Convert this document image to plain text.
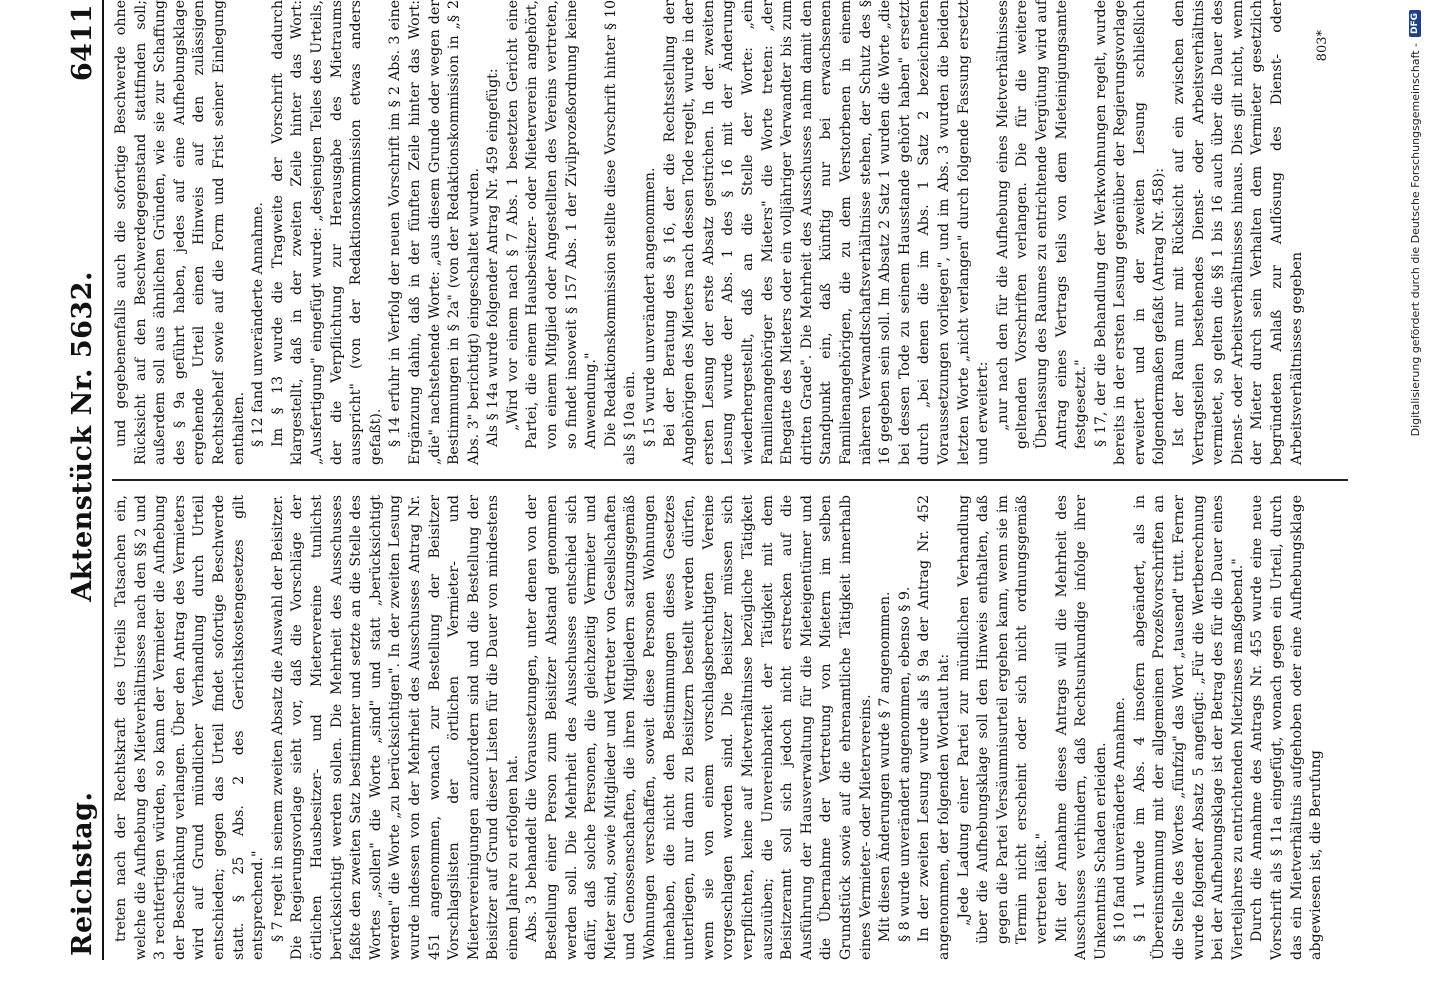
Reichstag.
Aktenstück Nr. 5632.
6411

treten nach der Rechtskraft des Urteils Tatsachen ein, welche die Aufhebung des Mietverhältnisses nach den §§ 2 und 3 rechtfertigen würden, so kann der Vermieter die Aufhebung der Beschränkung verlangen. Über den Antrag des Vermieters wird auf Grund mündlicher Verhandlung durch Urteil entschieden; gegen das Urteil findet sofortige Beschwerde statt. § 25 Abs. 2 des Gerichtskostengesetzes gilt entsprechend." § 7 regelt in seinem zweiten Absatz die Auswahl der Beisitzer. Die Regierungsvorlage sieht vor, daß die Vorschläge der örtlichen Hausbesitzer- und Mietervereine tunlichst berücksichtigt werden sollen. Die Mehrheit des Ausschusses faßte den zweiten Satz bestimmter und setzte an die Stelle des Wortes „sollen" die Worte „sind" und statt „berücksichtigt werden" die Worte „zu berücksichtigen". In der zweiten Lesung wurde indessen von der Mehrheit des Ausschusses Antrag Nr. 451 angenommen, wonach zur Bestellung der Beisitzer Vorschlagslisten der örtlichen Vermieter- und Mietervereinigungen anzufordern sind und die Bestellung der Beisitzer auf Grund dieser Listen für die Dauer von mindestens einem Jahre zu erfolgen hat. Abs. 3 behandelt die Voraussetzungen, unter denen von der Bestellung einer Person zum Beisitzer Abstand genommen werden soll. Die Mehrheit des Ausschusses entschied sich dafür, daß solche Personen, die gleichzeitig Vermieter und Mieter sind, sowie Mitglieder und Vertreter von Gesellschaften und Genossenschaften, die ihren Mitgliedern satzungsgemäß Wohnungen verschaffen, soweit diese Personen Wohnungen innehaben, die nicht den Bestimmungen dieses Gesetzes unterliegen, nur dann zu Beisitzern bestellt werden dürfen, wenn sie von einem vorschlagsberechtigten Vereine vorgeschlagen worden sind. Die Beisitzer müssen sich verpflichten, keine auf Mietverhältnisse bezügliche Tätigkeit auszuüben; die Unvereinbarkeit der Tätigkeit mit dem Beisitzeramt soll sich jedoch nicht erstrecken auf die Ausführung der Hausverwaltung für die Mieteigentümer und die Übernahme der Vertretung von Mietern im selben Grundstück sowie auf die ehrenamtliche Tätigkeit innerhalb eines Vermieter- oder Mietervereins. Mit diesen Änderungen wurde § 7 angenommen. § 8 wurde unverändert angenommen, ebenso § 9. In der zweiten Lesung wurde als § 9a der Antrag Nr. 452 angenommen, der folgenden Wortlaut hat: „Jede Ladung einer Partei zur mündlichen Verhandlung über die Aufhebungsklage soll den Hinweis enthalten, daß gegen die Partei Versäumnisurteil ergehen kann, wenn sie im Termin nicht erscheint oder sich nicht ordnungsgemäß vertreten läßt." Mit der Annahme dieses Antrags will die Mehrheit des Ausschusses verhindern, daß Rechtsunkundige infolge ihrer Unkenntnis Schaden erleiden. § 10 fand unveränderte Annahme. § 11 wurde im Abs. 4 insofern abgeändert, als in Übereinstimmung mit der allgemeinen Prozeßvorschriften an die Stelle des Wortes „fünfzig" das Wort „tausend" tritt. Ferner wurde folgender Absatz 5 angefügt: „Für die Wertberechnung bei der Aufhebungsklage ist der Betrag des für die Dauer eines Vierteljahres zu entrichtenden Mietzinses maßgebend." Durch die Annahme des Antrags Nr. 455 wurde eine neue Vorschrift als § 11a eingefügt, wonach gegen ein Urteil, durch das ein Mietverhältnis aufgehoben oder eine Aufhebungsklage abgewiesen ist, die Berufung

und gegebenenfalls auch die sofortige Beschwerde ohne Rücksicht auf den Beschwerdegegenstand stattfinden soll; außerdem soll aus ähnlichen Gründen, wie sie zur Schaffung des § 9a geführt haben, jedes auf eine Aufhebungsklage ergehende Urteil einen Hinweis auf den zulässigen Rechtsbehelf sowie auf die Form und Frist seiner Einlegung enthalten. § 12 fand unveränderte Annahme. Im § 13 wurde die Tragweite der Vorschrift dadurch klargestellt, daß in der zweiten Zeile hinter das Wort: „Ausfertigung" eingefügt wurde: „desjenigen Teiles des Urteils, der die Verpflichtung zur Herausgabe des Mietraums ausspricht" (von der Redaktionskommission etwas anders gefaßt). § 14 erfuhr in Verfolg der neuen Vorschrift im § 2 Abs. 3 eine Ergänzung dahin, daß in der fünften Zeile hinter das Wort: „die" nachstehende Worte: „aus diesem Grunde oder wegen der Bestimmungen in § 2a" (von der Redaktionskommission in „§ 2 Abs. 3" berichtigt) eingeschaltet wurden. Als § 14a wurde folgender Antrag Nr. 459 eingefügt: „Wird vor einem nach § 7 Abs. 1 besetzten Gericht eine Partei, die einem Hausbesitzer- oder Mieterverein angehört, von einem Mitglied oder Angestellten des Vereins vertreten, so findet insoweit § 157 Abs. 1 der Zivilprozeßordnung keine Anwendung." Die Redaktionskommission stellte diese Vorschrift hinter § 10 als § 10a ein. § 15 wurde unverändert angenommen. Bei der Beratung des § 16, der die Rechtsstellung der Angehörigen des Mieters nach dessen Tode regelt, wurde in der ersten Lesung der erste Absatz gestrichen. In der zweiten Lesung wurde der Abs. 1 des § 16 mit der Änderung wiederhergestellt, daß an die Stelle der Worte: „ein Familienangehöriger des Mieters" die Worte treten: „der Ehegatte des Mieters oder ein volljähriger Verwandter bis zum dritten Grade". Die Mehrheit des Ausschusses nahm damit den Standpunkt ein, daß künftig nur bei erwachsenen Familienangehörigen, die zu dem Verstorbenen in einem näheren Verwandtschaftsverhältnisse stehen, der Schutz des § 16 gegeben sein soll. Im Absatz 2 Satz 1 wurden die Worte „die bei dessen Tode zu seinem Hausstande gehört haben" ersetzt durch „bei denen die im Abs. 1 Satz 2 bezeichneten Voraussetzungen vorliegen", und im Abs. 3 wurden die beiden letzten Worte „nicht verlangen" durch folgende Fassung ersetzt und erweitert: „nur nach den für die Aufhebung eines Mietverhältnisses geltenden Vorschriften verlangen. Die für die weitere Überlassung des Raumes zu entrichtende Vergütung wird auf Antrag eines Vertrags teils von dem Mieteinigungsamte festgesetzt." § 17, der die Behandlung der Werkwohnungen regelt, wurde bereits in der ersten Lesung gegenüber der Regierungsvorlage erweitert und in der zweiten Lesung schließlich folgendermaßen gefaßt (Antrag Nr. 458): Ist der Raum nur mit Rücksicht auf ein zwischen den Vertragsteilen bestehendes Dienst- oder Arbeitsverhältnis vermietet, so gelten die §§ 1 bis 16 auch über die Dauer des Dienst- oder Arbeitsverhältnisses hinaus. Dies gilt nicht, wenn der Mieter durch sein Verhalten dem Vermieter gesetzlich begründeten Anlaß zur Auflösung des Dienst- oder Arbeitsverhältnisses gegeben

803*	Digitalisierung gefördert durch die Deutsche Forschungsgemeinschaft -
DFG
